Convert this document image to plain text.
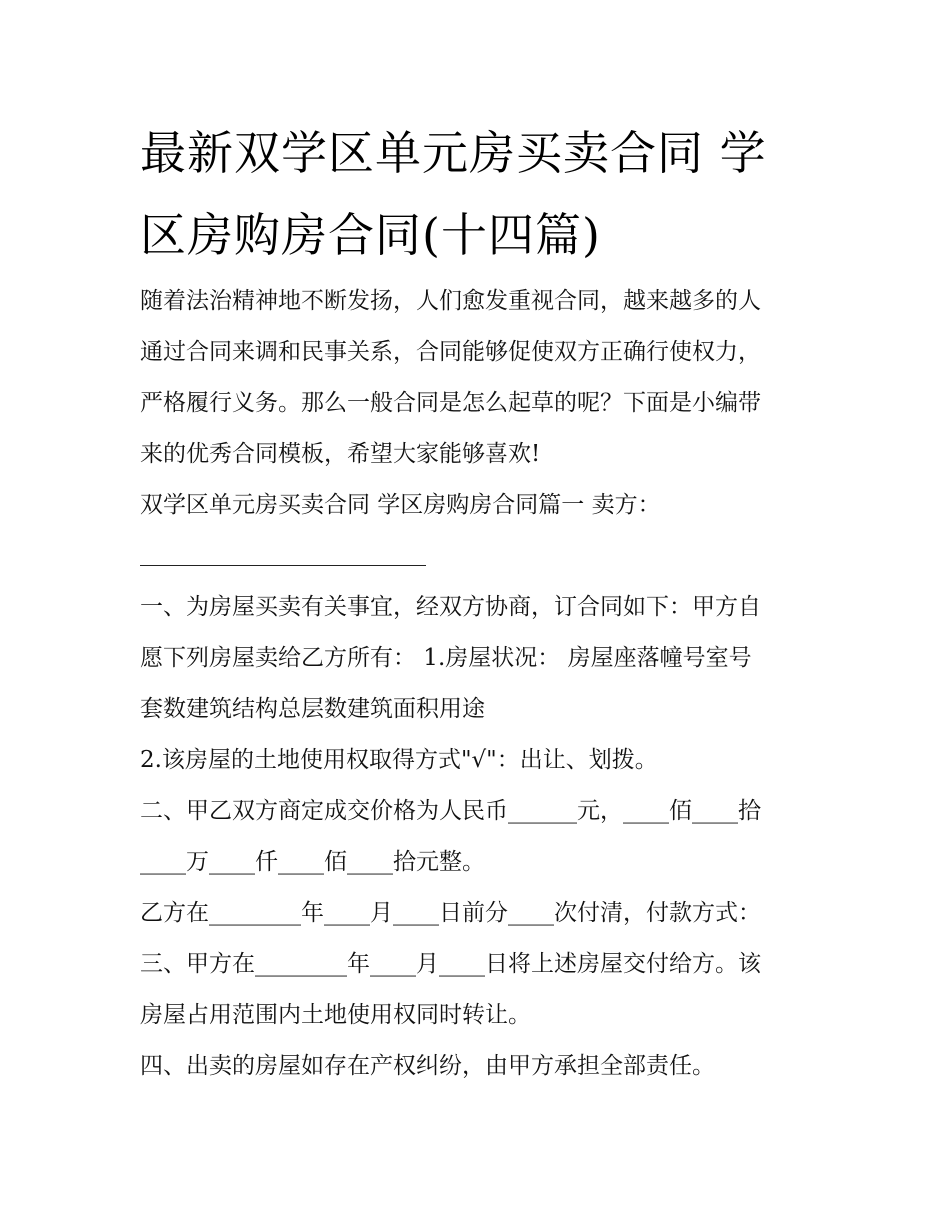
最新双学区单元房买卖合同 学
区房购房合同(十四篇)

随着法治精神地不断发扬，人们愈发重视合同，越来越多的人
通过合同来调和民事关系，合同能够促使双方正确行使权力，
严格履行义务。那么一般合同是怎么起草的呢？下面是小编带
来的优秀合同模板，希望大家能够喜欢!

双学区单元房买卖合同 学区房购房合同篇一 卖方：

一、为房屋买卖有关事宜，经双方协商，订合同如下：甲方自
愿下列房屋卖给乙方所有： 1.房屋状况： 房屋座落幢号室号
套数建筑结构总层数建筑面积用途

2.该房屋的土地使用权取得方式"√"：出让、划拨。

二、甲乙双方商定成交价格为人民币______元，____佰____拾
____万____仟____佰____拾元整。

乙方在________年____月____日前分____次付清，付款方式：

三、甲方在________年____月____日将上述房屋交付给方。该
房屋占用范围内土地使用权同时转让。

四、出卖的房屋如存在产权纠纷，由甲方承担全部责任。
